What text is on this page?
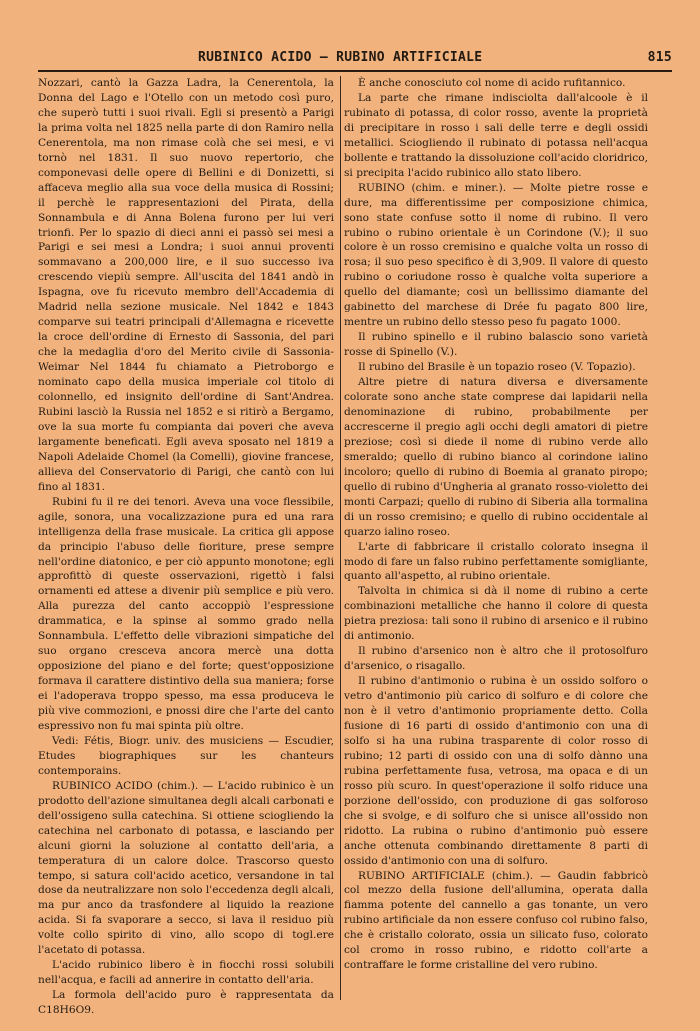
RUBINICO ACIDO — RUBINO ARTIFICIALE	815

Nozzari, cantò la Gazza Ladra, la Cenerentola, la Donna del Lago e l'Otello con un metodo così puro, che superò tutti i suoi rivali. Egli si presentò a Parigi la prima volta nel 1825 nella parte di don Ramiro nella Cenerentola, ma non rimase colà che sei mesi, e vi tornò nel 1831. Il suo nuovo repertorio, che componevasi delle opere di Bellini e di Donizetti, si affaceva meglio alla sua voce della musica di Rossini; il perchè le rappresentazioni del Pirata, della Sonnambula e di Anna Bolena furono per lui veri trionfi. Per lo spazio di dieci anni ei passò sei mesi a Parigi e sei mesi a Londra; i suoi annui proventi sommavano a 200,000 lire, e il suo successo iva crescendo viepiù sempre. All'uscita del 1841 andò in Ispagna, ove fu ricevuto membro dell'Accademia di Madrid nella sezione musicale. Nel 1842 e 1843 comparve sui teatri principali d'Allemagna e ricevette la croce dell'ordine di Ernesto di Sassonia, del pari che la medaglia d'oro del Merito civile di Sassonia-Weimar Nel 1844 fu chiamato a Pietroborgo e nominato capo della musica imperiale col titolo di colonnello, ed insignito dell'ordine di Sant'Andrea. Rubini lasciò la Russia nel 1852 e si ritirò a Bergamo, ove la sua morte fu compianta dai poveri che aveva largamente beneficati. Egli aveva sposato nel 1819 a Napoli Adelaide Chomel (la Comelli), giovine francese, allieva del Conservatorio di Parigi, che cantò con lui fino al 1831.

Rubini fu il re dei tenori. Aveva una voce flessibile, agile, sonora, una vocalizzazione pura ed una rara intelligenza della frase musicale. La critica gli appose da principio l'abuso delle fioriture, prese sempre nell'ordine diatonico, e per ciò appunto monotone; egli approfittò di queste osservazioni, rigettò i falsi ornamenti ed attese a divenir più semplice e più vero. Alla purezza del canto accoppiò l'espressione drammatica, e la spinse al sommo grado nella Sonnambula. L'effetto delle vibrazioni simpatiche del suo organo cresceva ancora mercè una dotta opposizione del piano e del forte; quest'opposizione formava il carattere distintivo della sua maniera; forse ei l'adoperava troppo spesso, ma essa produceva le più vive commozioni, e pnossi dire che l'arte del canto espressivo non fu mai spinta più oltre.

Vedi: Fétis, Biogr. univ. des musiciens — Escudier, Etudes biographiques sur les chanteurs contemporains.

RUBINICO ACIDO (chim.). — L'acido rubinico è un prodotto dell'azione simultanea degli alcali carbonati e dell'ossigeno sulla catechina. Si ottiene sciogliendo la catechina nel carbonato di potassa, e lasciando per alcuni giorni la soluzione al contatto dell'aria, a temperatura di un calore dolce. Trascorso questo tempo, si satura coll'acido acetico, versandone in tal dose da neutralizzare non solo l'eccedenza degli alcali, ma pur anco da trasfondere al liquido la reazione acida. Si fa svaporare a secco, si lava il residuo più volte collo spirito di vino, allo scopo di togl.ere l'acetato di potassa.

L'acido rubinico libero è in fiocchi rossi solubili nell'acqua, e facili ad annerire in contatto dell'aria.

La formola dell'acido puro è rappresentata da C18H6O9.

È anche conosciuto col nome di acido rufitannico.

La parte che rimane indisciolta dall'alcoole è il rubinato di potassa, di color rosso, avente la proprietà di precipitare in rosso i sali delle terre e degli ossidi metallici. Sciogliendo il rubinato di potassa nell'acqua bollente e trattando la dissoluzione coll'acido cloridrico, si precipita l'acido rubinico allo stato libero.

RUBINO (chim. e miner.). — Molte pietre rosse e dure, ma differentissime per composizione chimica, sono state confuse sotto il nome di rubino. Il vero rubino o rubino orientale è un Corindone (V.); il suo colore è un rosso cremisino e qualche volta un rosso di rosa; il suo peso specifico è di 3,909. Il valore di questo rubino o coriudone rosso è qualche volta superiore a quello del diamante; così un bellissimo diamante del gabinetto del marchese di Drée fu pagato 800 lire, mentre un rubino dello stesso peso fu pagato 1000.

Il rubino spinello e il rubino balascio sono varietà rosse di Spinello (V.).

Il rubino del Brasile è un topazio roseo (V. Topazio).

Altre pietre di natura diversa e diversamente colorate sono anche state comprese dai lapidarii nella denominazione di rubino, probabilmente per accrescerne il pregio agli occhi degli amatori di pietre preziose; così si diede il nome di rubino verde allo smeraldo; quello di rubino bianco al corindone ialino incoloro; quello di rubino di Boemia al granato piropo; quello di rubino d'Ungheria al granato rosso-violetto dei monti Carpazi; quello di rubino di Siberia alla tormalina di un rosso cremisino; e quello di rubino occidentale al quarzo ialino roseo.

L'arte di fabbricare il cristallo colorato insegna il modo di fare un falso rubino perfettamente somigliante, quanto all'aspetto, al rubino orientale.

Talvolta in chimica si dà il nome di rubino a certe combinazioni metalliche che hanno il colore di questa pietra preziosa: tali sono il rubino di arsenico e il rubino di antimonio.

Il rubino d'arsenico non è altro che il protosolfuro d'arsenico, o risagallo.

Il rubino d'antimonio o rubina è un ossido solforo o vetro d'antimonio più carico di solfuro e di colore che non è il vetro d'antimonio propriamente detto. Colla fusione di 16 parti di ossido d'antimonio con una di solfo si ha una rubina trasparente di color rosso di rubino; 12 parti di ossido con una di solfo dànno una rubina perfettamente fusa, vetrosa, ma opaca e di un rosso più scuro. In quest'operazione il solfo riduce una porzione dell'ossido, con produzione di gas solforoso che si svolge, e di solfuro che si unisce all'ossido non ridotto. La rubina o rubino d'antimonio può essere anche ottenuta combinando direttamente 8 parti di ossido d'antimonio con una di solfuro.

RUBINO ARTIFICIALE (chim.). — Gaudin fabbricò col mezzo della fusione dell'allumina, operata dalla fiamma potente del cannello a gas tonante, un vero rubino artificiale da non essere confuso col rubino falso, che è cristallo colorato, ossia un silicato fuso, colorato col cromo in rosso rubino, e ridotto coll'arte a contraffare le forme cristalline del vero rubino.
